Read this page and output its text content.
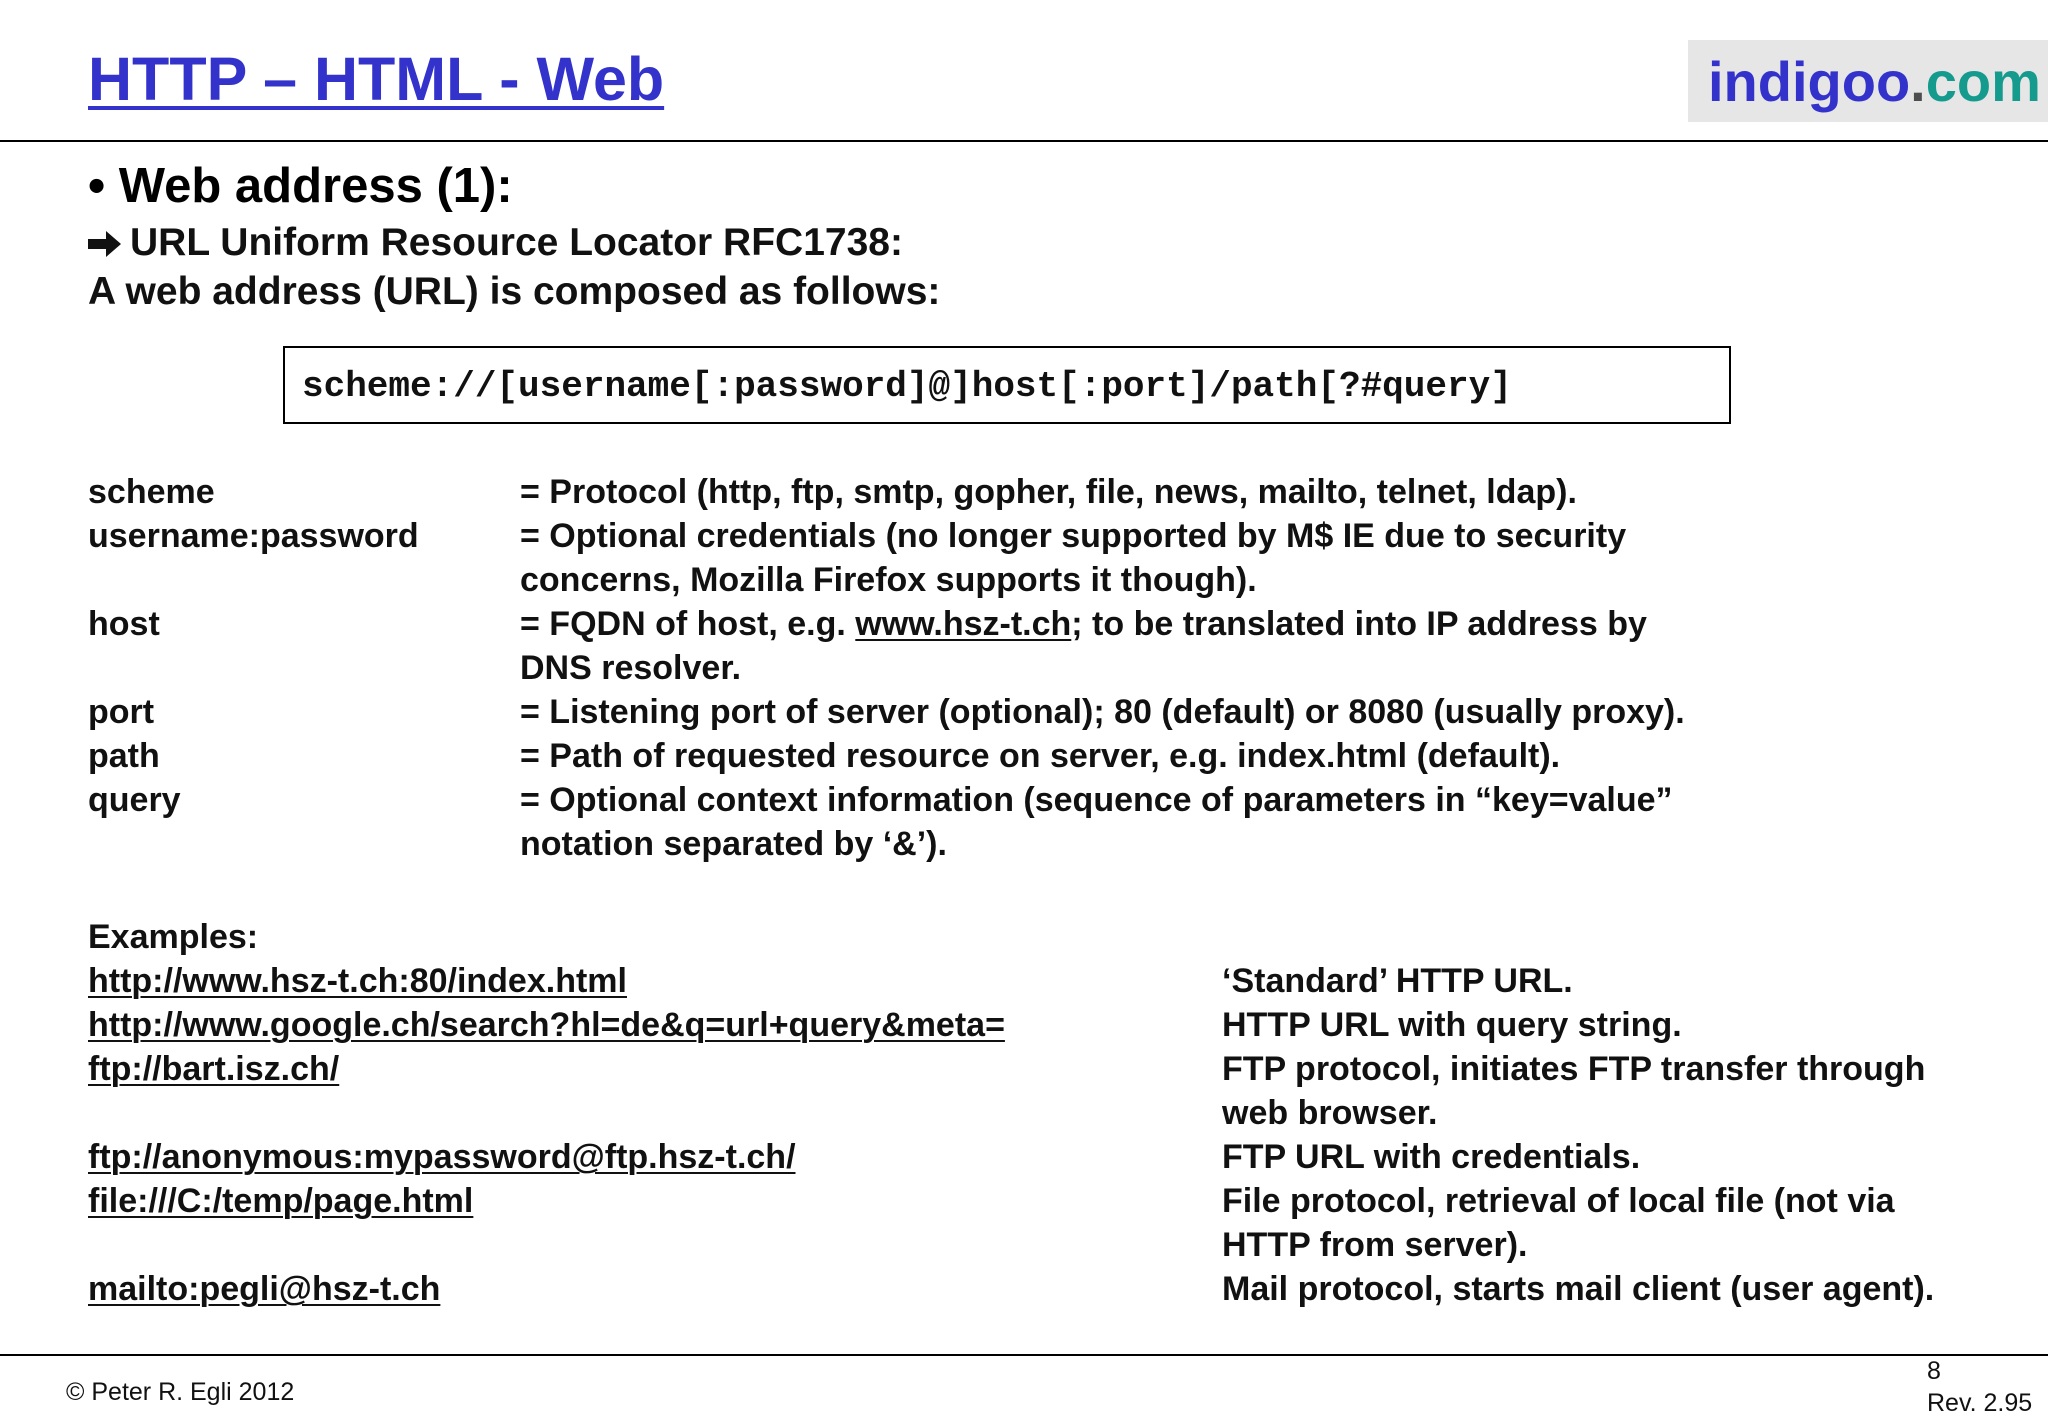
HTTP – HTML - Web	indigoo.com
• Web address (1):
URL Uniform Resource Locator RFC1738:
A web address (URL) is composed as follows:
scheme://[username[:password]@]host[:port]/path[?#query]
scheme	= Protocol (http, ftp, smtp, gopher, file, news, mailto, telnet, ldap).
username:password	= Optional credentials (no longer supported by M$ IE due to security
concerns, Mozilla Firefox supports it though).
host	= FQDN of host, e.g. www.hsz-t.ch; to be translated into IP address by
DNS resolver.
port	= Listening port of server (optional); 80 (default) or 8080 (usually proxy).
path	= Path of requested resource on server, e.g. index.html (default).
query	= Optional context information (sequence of parameters in “key=value”
notation separated by ‘&’).
Examples:
http://www.hsz-t.ch:80/index.html	‘Standard’ HTTP URL.
http://www.google.ch/search?hl=de&q=url+query&meta=	HTTP URL with query string.
ftp://bart.isz.ch/	FTP protocol, initiates FTP transfer through
web browser.
ftp://anonymous:mypassword@ftp.hsz-t.ch/	FTP URL with credentials.
file:///C:/temp/page.html	File protocol, retrieval of local file (not via
HTTP from server).
mailto:pegli@hsz-t.ch	Mail protocol, starts mail client (user agent).
© Peter R. Egli 2012
8
Rev. 2.95
